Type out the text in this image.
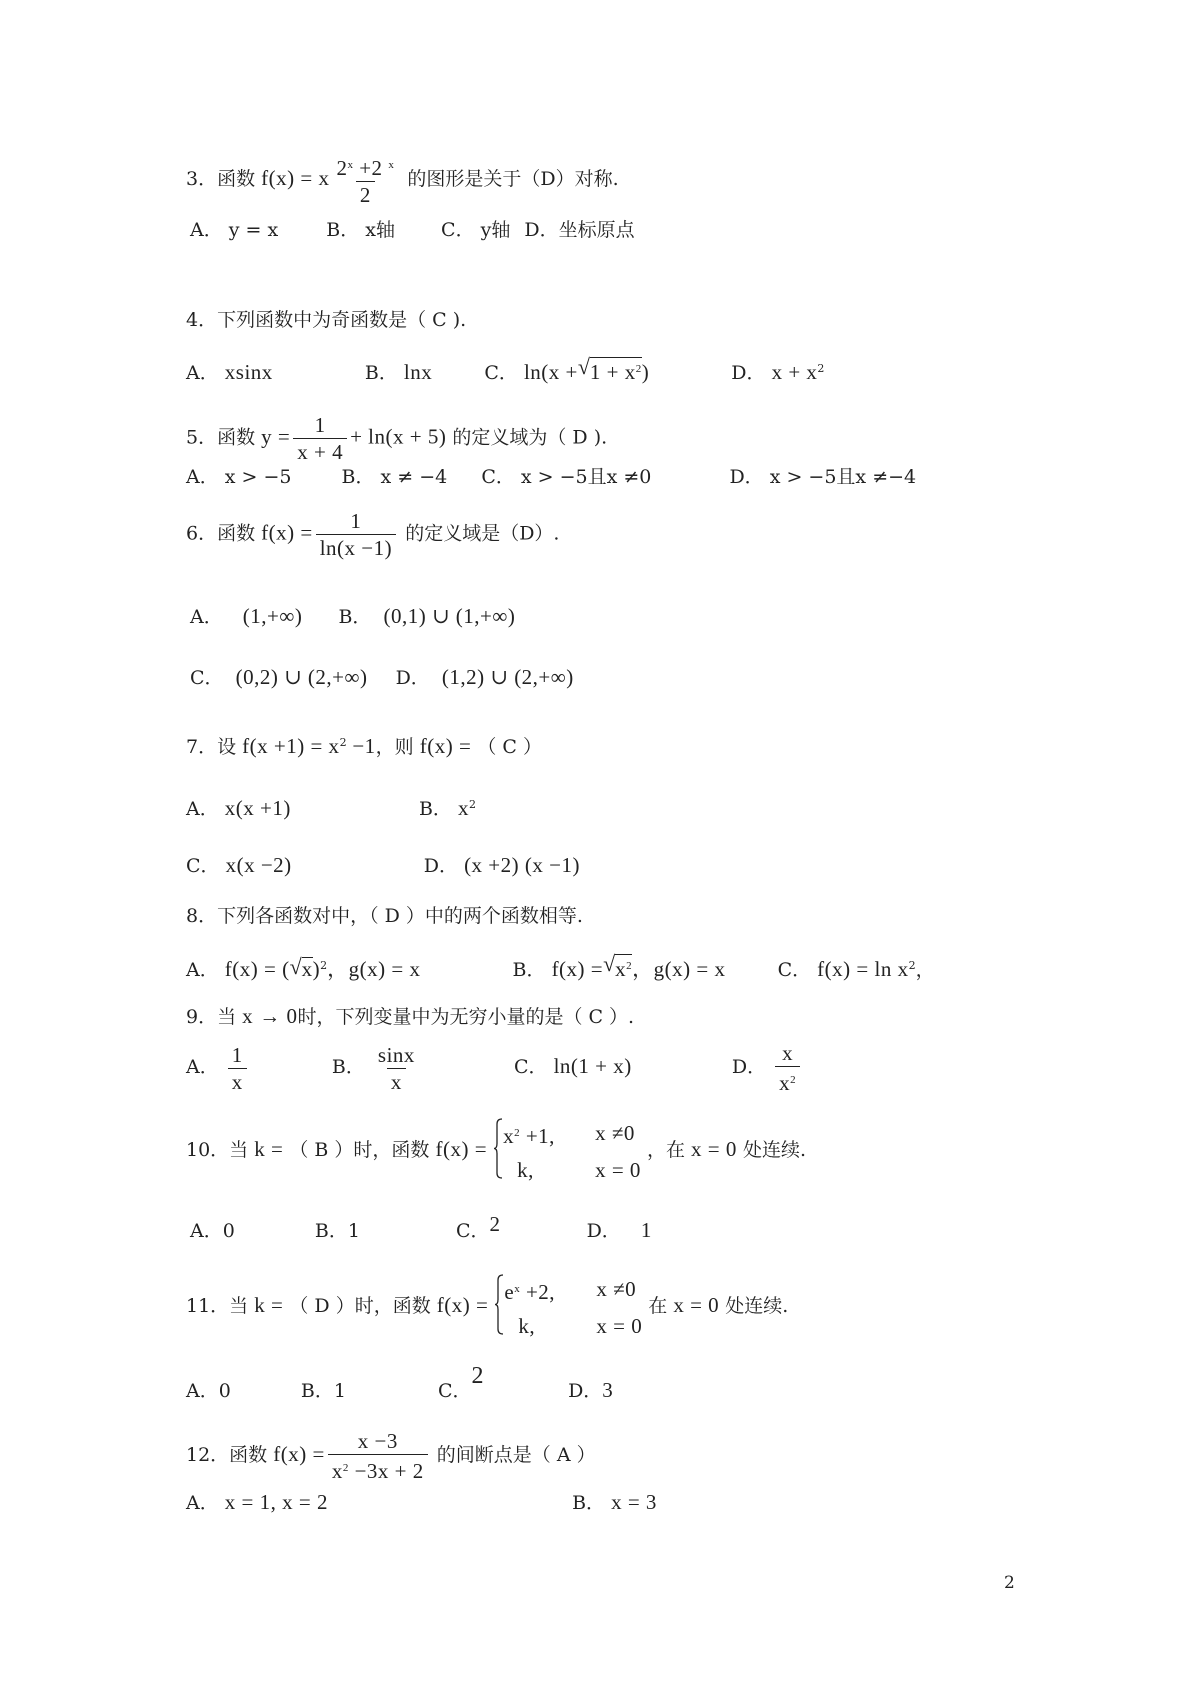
3．函数 f(x) = x $\frac{2^x +2 ^x}{2}$ 的图形是关于（D）对称.
A． y = x	B． x轴 C． y轴 D．坐标原点
4．下列函数中为奇函数是（ C ).
A． xsinx	B． lnx	C． ln(x + √ $1 + x^2$)	D． $x + x^2$
5．函数 $y = \frac{1}{x + 4} + \ln(x + 5)$ 的定义域为（ D ).
A． x > −5	B． x ≠ −4 C． x > −5且x ≠0	D． x > −5且x ≠−4
6．函数 $f(x) = \frac{1}{\ln(x -1)}$ 的定义域是（D）.
A． (1,+∞) B． (0,1) ∪ (1,+∞)
C． (0,2) ∪ (2,+∞) D． (1,2) ∪ (2,+∞)
7．设 $f(x +1) = x^2 -1$，则 f(x) = （ C ）
A． x(x +1)	B． $x^2$
C． x(x −2)	D． (x +2) (x −1)
8．下列各函数对中，（ D ）中的两个函数相等.
A． f(x) = ( √ x)$^2$，g(x) = x	B． f(x) = √ $x^2$，g(x) = x	C． $f(x) = \ln x^2$，
9．当 x → 0时，下列变量中为无穷小量的是（ C ）.
A． $\frac{1}{x}$	B． $\frac{\sin x}{x}$	C． ln(1 + x)	D． $\frac{x}{x^2}$
10．当 k = （ B ）时，函数 f(x) =
$x^2 +1$,	x ≠0
k,	x = 0
，在 x = 0 处连续.
A．0	B．1	C．2	D． 1
11．当 k = （ D ）时，函数 f(x) =
$e^x +2$,	x ≠0
k,	x = 0
在 x = 0 处连续.
A．0	B．1	C．2 D．3
12．函数 $f(x) = \frac{x -3}{x^2 -3x + 2}$ 的间断点是（ A ）
A． x = 1, x = 2	B． x = 3
2
